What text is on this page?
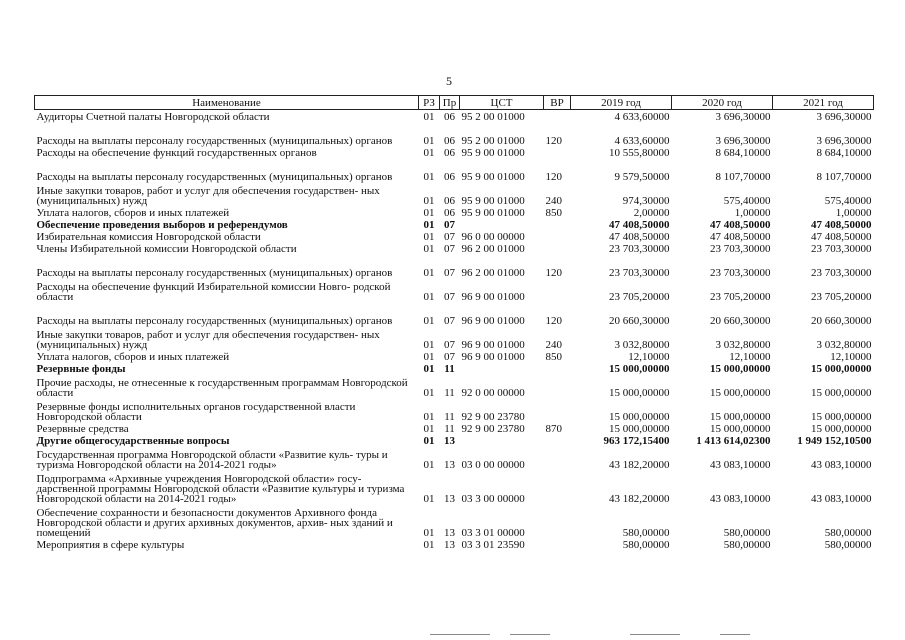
5
Наименование	РЗ	Пр	ЦСТ	ВР	2019 год	2020 год	2021 год
Аудиторы Счетной палаты Новгородской области	01	06	95 2 00 01000		4 633,60000	3 696,30000	3 696,30000
Расходы на выплаты персоналу государственных (муниципальных) органов	01	06	95 2 00 01000	120	4 633,60000	3 696,30000	3 696,30000
Расходы на обеспечение функций государственных органов	01	06	95 9 00 01000		10 555,80000	8 684,10000	8 684,10000
Расходы на выплаты персоналу государственных (муниципальных) органов	01	06	95 9 00 01000	120	9 579,50000	8 107,70000	8 107,70000
Иные закупки товаров, работ и услуг для обеспечения государствен- ных (муниципальных) нужд	01	06	95 9 00 01000	240	974,30000	575,40000	575,40000
Уплата налогов, сборов и иных платежей	01	06	95 9 00 01000	850	2,00000	1,00000	1,00000
Обеспечение проведения выборов и референдумов	01	07			47 408,50000	47 408,50000	47 408,50000
Избирательная комиссия Новгородской области	01	07	96 0 00 00000		47 408,50000	47 408,50000	47 408,50000
Члены Избирательной комиссии Новгородской области	01	07	96 2 00 01000		23 703,30000	23 703,30000	23 703,30000
Расходы на выплаты персоналу государственных (муниципальных) органов	01	07	96 2 00 01000	120	23 703,30000	23 703,30000	23 703,30000
Расходы на обеспечение функций Избирательной комиссии Новго- родской области	01	07	96 9 00 01000		23 705,20000	23 705,20000	23 705,20000
Расходы на выплаты персоналу государственных (муниципальных) органов	01	07	96 9 00 01000	120	20 660,30000	20 660,30000	20 660,30000
Иные закупки товаров, работ и услуг для обеспечения государствен- ных (муниципальных) нужд	01	07	96 9 00 01000	240	3 032,80000	3 032,80000	3 032,80000
Уплата налогов, сборов и иных платежей	01	07	96 9 00 01000	850	12,10000	12,10000	12,10000
Резервные фонды	01	11			15 000,00000	15 000,00000	15 000,00000
Прочие расходы, не отнесенные к государственным программам Новгородской области	01	11	92 0 00 00000		15 000,00000	15 000,00000	15 000,00000
Резервные фонды исполнительных органов государственной власти Новгородской области	01	11	92 9 00 23780		15 000,00000	15 000,00000	15 000,00000
Резервные средства	01	11	92 9 00 23780	870	15 000,00000	15 000,00000	15 000,00000
Другие общегосударственные вопросы	01	13			963 172,15400	1 413 614,02300	1 949 152,10500
Государственная программа Новгородской области «Развитие куль- туры и туризма Новгородской области на 2014-2021 годы»	01	13	03 0 00 00000		43 182,20000	43 083,10000	43 083,10000
Подпрограмма «Архивные учреждения Новгородской области» госу- дарственной программы Новгородской области «Развитие культуры и туризма Новгородской области на 2014-2021 годы»	01	13	03 3 00 00000		43 182,20000	43 083,10000	43 083,10000
Обеспечение сохранности и безопасности документов Архивного фонда Новгородской области и других архивных документов, архив- ных зданий и помещений	01	13	03 3 01 00000		580,00000	580,00000	580,00000
Мероприятия в сфере культуры	01	13	03 3 01 23590		580,00000	580,00000	580,00000
